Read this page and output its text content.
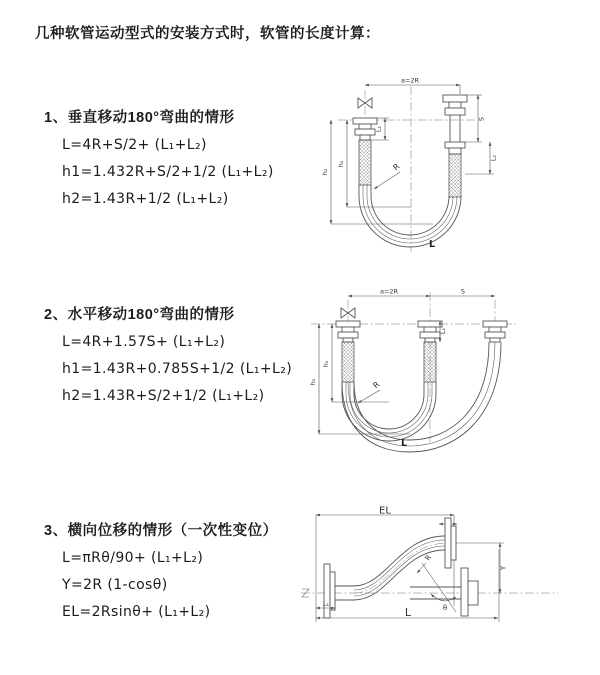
几种软管运动型式的安装方式时，软管的长度计算：
1、垂直移动180°弯曲的情形
L=4R+S/2+ (L₁+L₂)
h1=1.432R+S/2+1/2 (L₁+L₂)
h2=1.43R+1/2 (L₁+L₂)
a=2R
h₁
h₂
L₁
S
L₂
R
L
2、水平移动180°弯曲的情形
L=4R+1.57S+ (L₁+L₂)
h1=1.43R+0.785S+1/2 (L₁+L₂)
h2=1.43R+S/2+1/2 (L₁+L₂)
a=2R	S
h₁
h₂
L₁
R
L
3、横向位移的情形（一次性变位）
L=πRθ/90+ (L₁+L₂)
Y=2R (1-cosθ)
EL=2Rsinθ+ (L₁+L₂)
EL
Y
L
L₁
R
θ
